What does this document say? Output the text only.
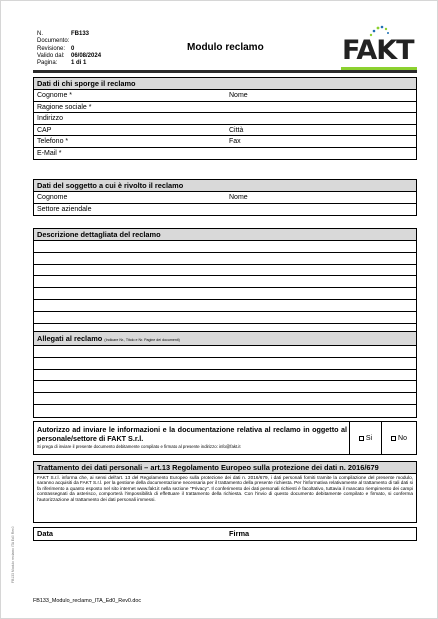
N. Documento:
FB133
Revisione: 0
Valido dal:	06/08/2024
Pagina:	1 di 1
Modulo reclamo	FAKT
Dati di chi sporge il reclamo
Cognome *	Nome
Ragione sociale *
Indirizzo
CAP	Città
Telefono *	Fax
E-Mail *
Dati del soggetto a cui è rivolto il reclamo
Cognome	Nome
Settore aziendale
Descrizione dettagliata del reclamo
Allegati al reclamo (Indicare Nr., Titolo e Nr. Pagine dei documenti)
Autorizzo ad inviare le informazioni e la documentazione relativa al reclamo in oggetto al personale/settore di FAKT S.r.l.
Si prega di inviare il presente documento debitamente compilato e firmato al presente indirizzo: info@fakt.it
Si	No
Trattamento dei dati personali – art.13 Regolamento Europeo sulla protezione dei dati n. 2016/679
FAKT S.r.l. informa che, ai sensi dell'art. 13 del Regolamento Europeo sulla protezione dei dati n. 2016/679, i dati personali forniti tramite la compilazione del presente modulo, saranno acquisiti da FAKT S.r.l. per la gestione della documentazione necessaria per il trattamento della presente richiesta. Per l'informativa relativamente al trattamento di tali dati si fa riferimento a quanto esposto nel sito internet www.fakt.it nella sezione "Privacy". Il conferimento dei dati personali richiesti è facoltativo, tuttavia il mancato riempimento dei campi contrassegnati da asterisco, comporterà l'impossibilità di effettuare il trattamento della richiesta. Con l'invio di questo documento debitamente compilato e firmato, si conferma l'autorizzazione al trattamento dei dati personali immessi.
Data	Firma
FB133 Modulo reclamo ITA Ed0 Rev0
FB133_Modulo_reclamo_ITA_Ed0_Rev0.doc
